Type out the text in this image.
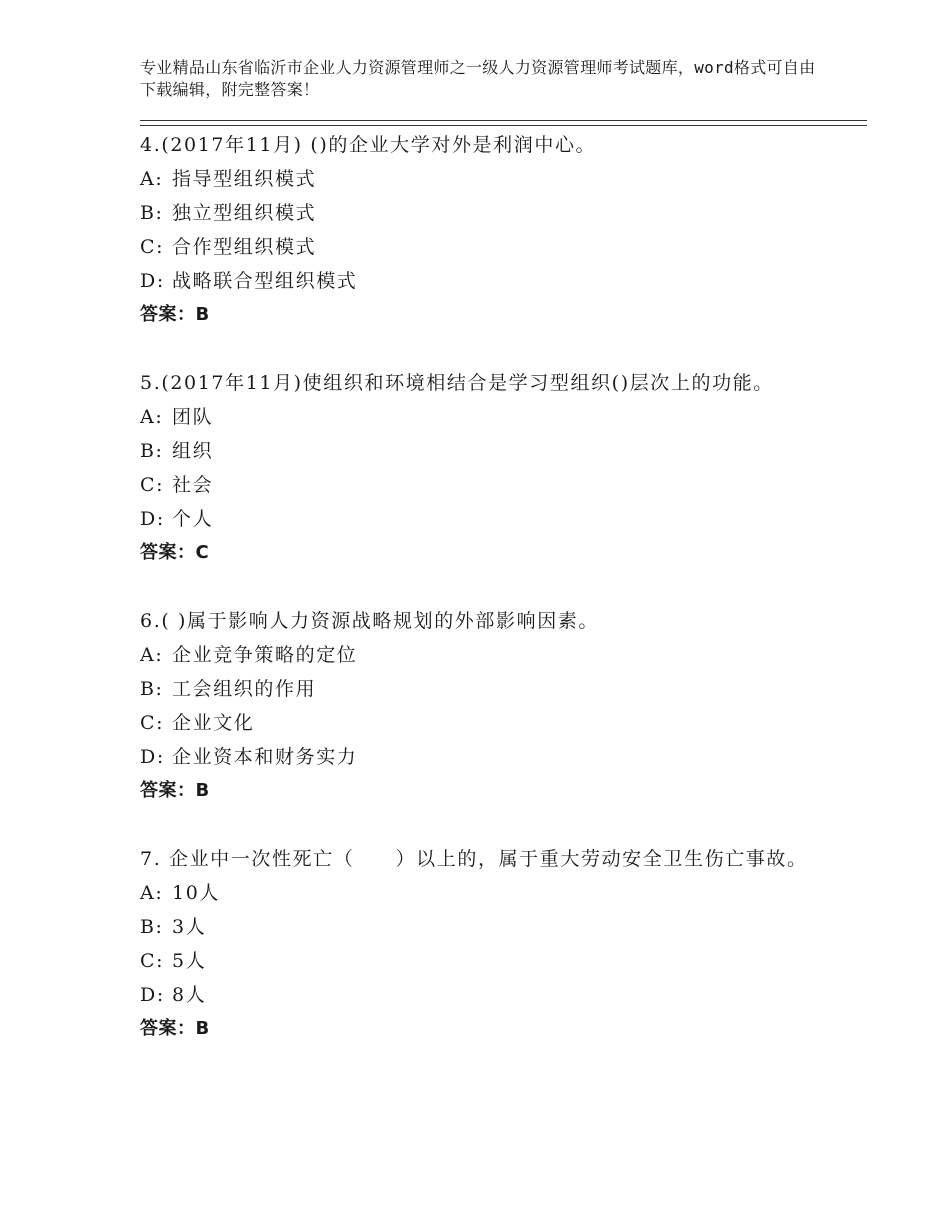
专业精品山东省临沂市企业人力资源管理师之一级人力资源管理师考试题库，word格式可自由下载编辑，附完整答案！

4.(2017年11月) ()的企业大学对外是利润中心。

A: 指导型组织模式
B: 独立型组织模式
C: 合作型组织模式
D: 战略联合型组织模式

答案：B

5.(2017年11月)使组织和环境相结合是学习型组织()层次上的功能。

A: 团队
B: 组织
C: 社会
D: 个人

答案：C

6.( )属于影响人力资源战略规划的外部影响因素。

A: 企业竞争策略的定位
B: 工会组织的作用
C: 企业文化
D: 企业资本和财务实力

答案：B

7. 企业中一次性死亡（　　）以上的，属于重大劳动安全卫生伤亡事故。

A: 10人
B: 3人
C: 5人
D: 8人

答案：B
